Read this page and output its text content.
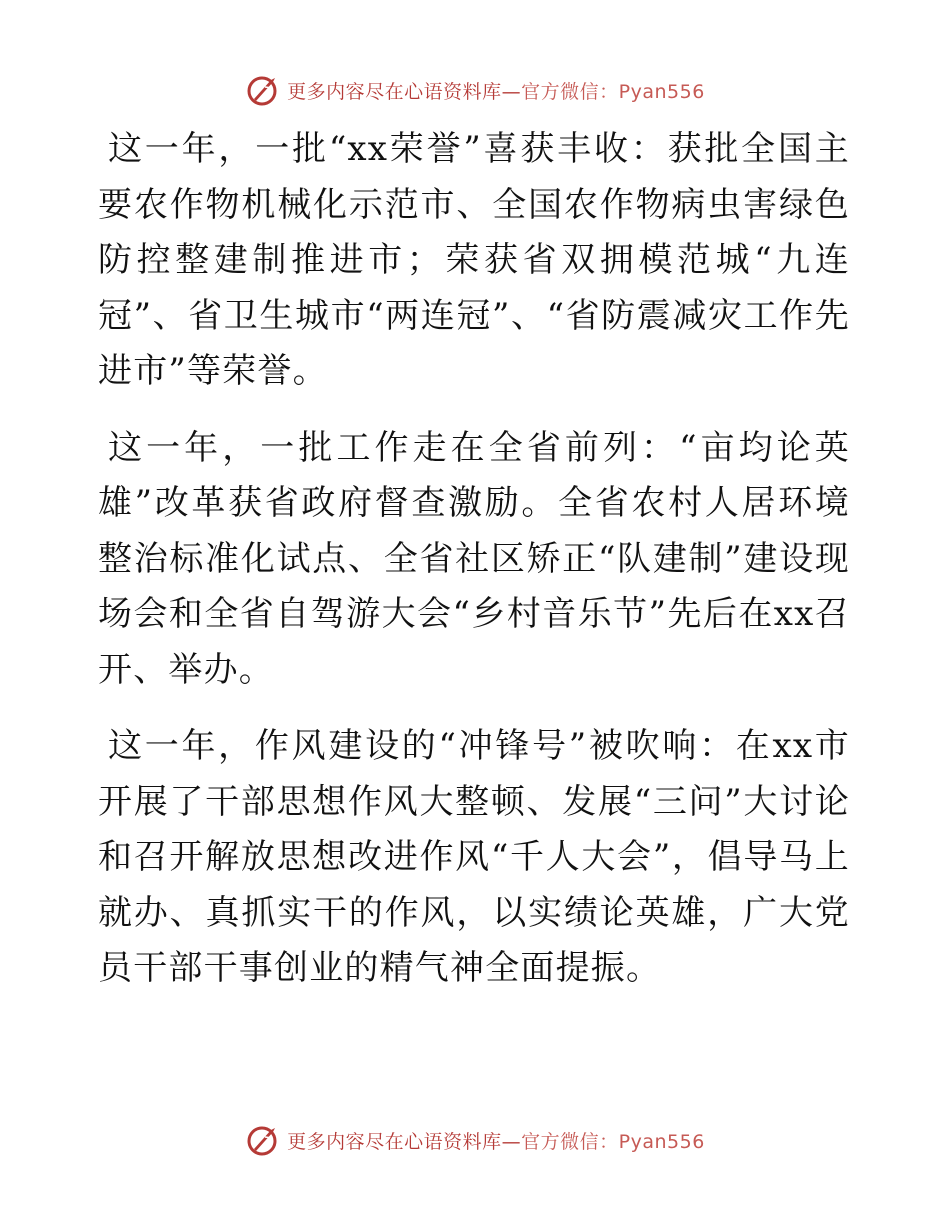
更多内容尽在心语资料库—官方微信：Pyan556

这一年，一批“xx荣誉”喜获丰收：获批全国主要农作物机械化示范市、全国农作物病虫害绿色防控整建制推进市；荣获省双拥模范城“九连冠”、省卫生城市“两连冠”、“省防震减灾工作先进市”等荣誉。

这一年，一批工作走在全省前列：“亩均论英雄”改革获省政府督查激励。全省农村人居环境整治标准化试点、全省社区矫正“队建制”建设现场会和全省自驾游大会“乡村音乐节”先后在xx召开、举办。

这一年，作风建设的“冲锋号”被吹响：在xx市开展了干部思想作风大整顿、发展“三问”大讨论和召开解放思想改进作风“千人大会”，倡导马上就办、真抓实干的作风，以实绩论英雄，广大党员干部干事创业的精气神全面提振。

更多内容尽在心语资料库—官方微信：Pyan556
